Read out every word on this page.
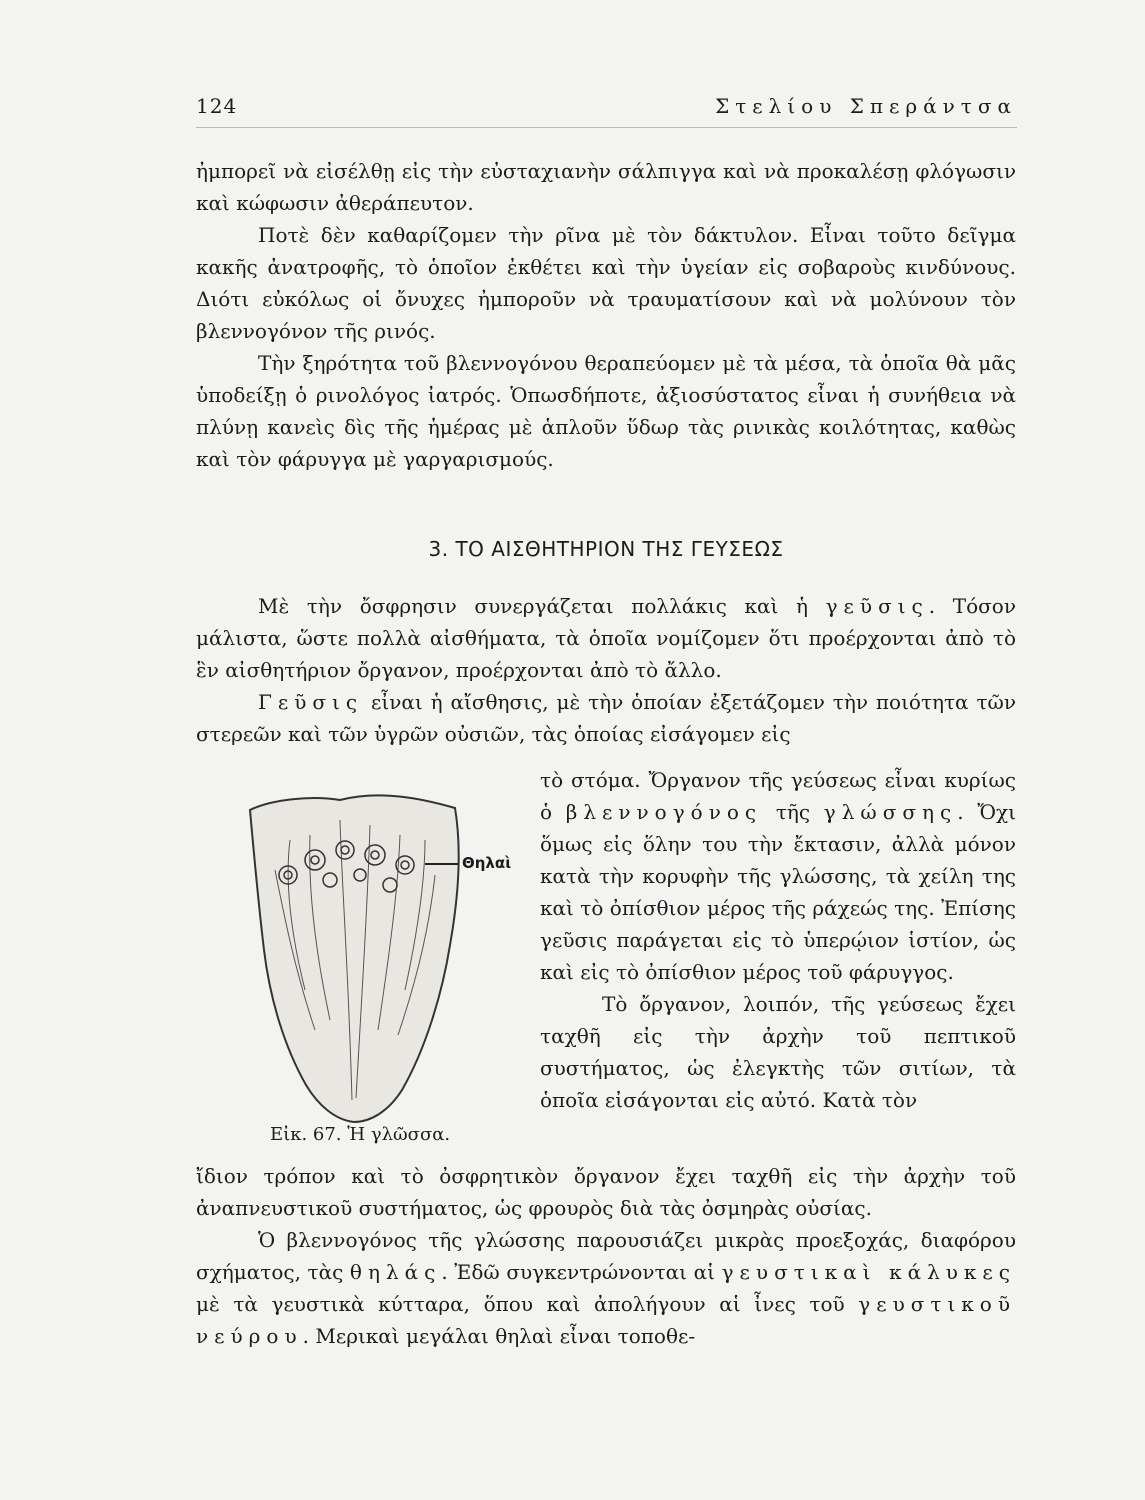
124	Στελίου Σπεράντσα

ἠμπορεῖ νὰ εἰσέλθῃ εἰς τὴν εὐσταχιανὴν σάλπιγγα καὶ νὰ προκαλέσῃ φλόγωσιν καὶ κώφωσιν ἀθεράπευτον.

Ποτὲ δὲν καθαρίζομεν τὴν ρῖνα μὲ τὸν δάκτυλον. Εἶναι τοῦτο δεῖγμα κακῆς ἀνατροφῆς, τὸ ὁποῖον ἐκθέτει καὶ τὴν ὑγείαν εἰς σοβαροὺς κινδύνους. Διότι εὐκόλως οἱ ὄνυχες ἠμποροῦν νὰ τραυματίσουν καὶ νὰ μολύνουν τὸν βλεννογόνον τῆς ρινός.

Τὴν ξηρότητα τοῦ βλεννογόνου θεραπεύομεν μὲ τὰ μέσα, τὰ ὁποῖα θὰ μᾶς ὑποδείξῃ ὁ ρινολόγος ἰατρός. Ὁπωσδήποτε, ἀξιοσύστατος εἶναι ἡ συνήθεια νὰ πλύνῃ κανεὶς δὶς τῆς ἡμέρας μὲ ἁπλοῦν ὕδωρ τὰς ρινικὰς κοιλότητας, καθὼς καὶ τὸν φάρυγγα μὲ γαργαρισμούς.

3. ΤΟ ΑΙΣΘΗΤΗΡΙΟΝ ΤΗΣ ΓΕΥΣΕΩΣ

Μὲ τὴν ὄσφρησιν συνεργάζεται πολλάκις καὶ ἡ γεῦσις. Τόσον μάλιστα, ὥστε πολλὰ αἰσθήματα, τὰ ὁποῖα νομίζομεν ὅτι προέρχονται ἀπὸ τὸ ἓν αἰσθητήριον ὄργανον, προέρχονται ἀπὸ τὸ ἄλλο.

Γεῦσις εἶναι ἡ αἴσθησις, μὲ τὴν ὁποίαν ἐξετάζομεν τὴν ποιότητα τῶν στερεῶν καὶ τῶν ὑγρῶν οὐσιῶν, τὰς ὁποίας εἰσάγομεν εἰς

Θηλαὶ
Εἰκ. 67. Ἡ γλῶσσα.

τὸ στόμα. Ὄργανον τῆς γεύσεως εἶναι κυρίως ὁ βλεννογόνος τῆς γλώσσης. Ὄχι ὅμως εἰς ὅλην του τὴν ἔκτασιν, ἀλλὰ μόνον κατὰ τὴν κορυφὴν τῆς γλώσσης, τὰ χείλη της καὶ τὸ ὀπίσθιον μέρος τῆς ράχεώς της. Ἐπίσης γεῦσις παράγεται εἰς τὸ ὑπερῴιον ἱστίον, ὡς καὶ εἰς τὸ ὀπίσθιον μέρος τοῦ φάρυγγος.

Τὸ ὄργανον, λοιπόν, τῆς γεύσεως ἔχει ταχθῆ εἰς τὴν ἀρχὴν τοῦ πεπτικοῦ συστήματος, ὡς ἐλεγκτὴς τῶν σιτίων, τὰ ὁποῖα εἰσάγονται εἰς αὐτό. Κατὰ τὸν

ἴδιον τρόπον καὶ τὸ ὀσφρητικὸν ὄργανον ἔχει ταχθῆ εἰς τὴν ἀρχὴν τοῦ ἀναπνευστικοῦ συστήματος, ὡς φρουρὸς διὰ τὰς ὀσμηρὰς οὐσίας.

Ὁ βλεννογόνος τῆς γλώσσης παρουσιάζει μικρὰς προεξοχάς, διαφόρου σχήματος, τὰς θηλάς. Ἐδῶ συγκεντρώνονται αἱ γευστικαὶ κάλυκες μὲ τὰ γευστικὰ κύτταρα, ὅπου καὶ ἀπολήγουν αἱ ἶνες τοῦ γευστικοῦ νεύρου. Μερικαὶ μεγάλαι θηλαὶ εἶναι τοποθε-
